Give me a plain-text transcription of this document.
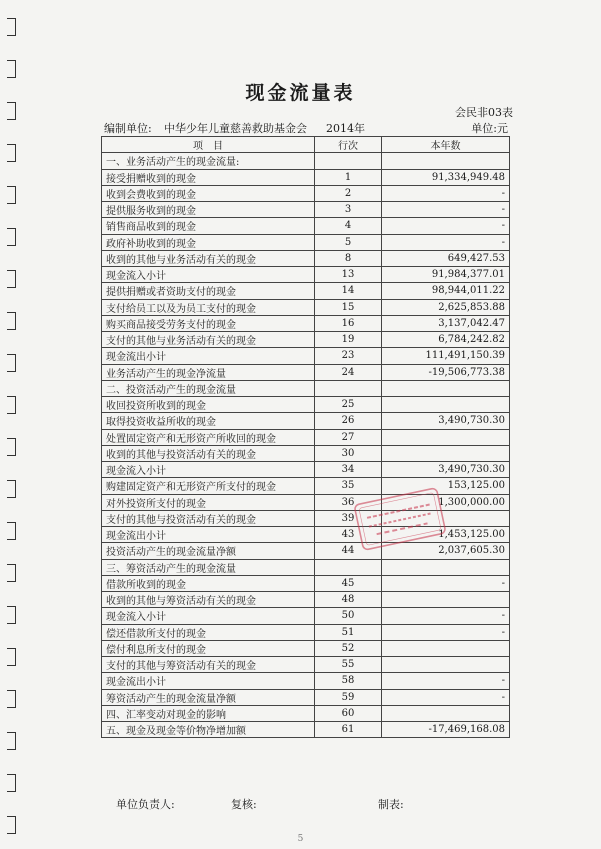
现金流量表
会民非03表
编制单位: 中华少年儿童慈善救助基金会 2014年	单位:元
项　目	行次	本年数
一、业务活动产生的现金流量:		
接受捐赠收到的现金	1	91,334,949.48
收到会费收到的现金	2	-
提供服务收到的现金	3	-
销售商品收到的现金	4	-
政府补助收到的现金	5	-
收到的其他与业务活动有关的现金	8	649,427.53
现金流入小计	13	91,984,377.01
提供捐赠或者资助支付的现金	14	98,944,011.22
支付给员工以及为员工支付的现金	15	2,625,853.88
购买商品接受劳务支付的现金	16	3,137,042.47
支付的其他与业务活动有关的现金	19	6,784,242.82
现金流出小计	23	111,491,150.39
业务活动产生的现金净流量	24	-19,506,773.38
二、投资活动产生的现金流量		
收回投资所收到的现金	25	
取得投资收益所收的现金	26	3,490,730.30
处置固定资产和无形资产所收回的现金	27	
收到的其他与投资活动有关的现金	30	
现金流入小计	34	3,490,730.30
购建固定资产和无形资产所支付的现金	35	153,125.00
对外投资所支付的现金	36	1,300,000.00
支付的其他与投资活动有关的现金	39	
现金流出小计	43	1,453,125.00
投资活动产生的现金流量净额	44	2,037,605.30
三、筹资活动产生的现金流量		
借款所收到的现金	45	-
收到的其他与筹资活动有关的现金	48	
现金流入小计	50	-
偿还借款所支付的现金	51	-
偿付利息所支付的现金	52	
支付的其他与筹资活动有关的现金	55	
现金流出小计	58	-
筹资活动产生的现金流量净额	59	-
四、汇率变动对现金的影响	60	
五、现金及现金等价物净增加额	61	-17,469,168.08
单位负责人:	复核:	制表:
5
